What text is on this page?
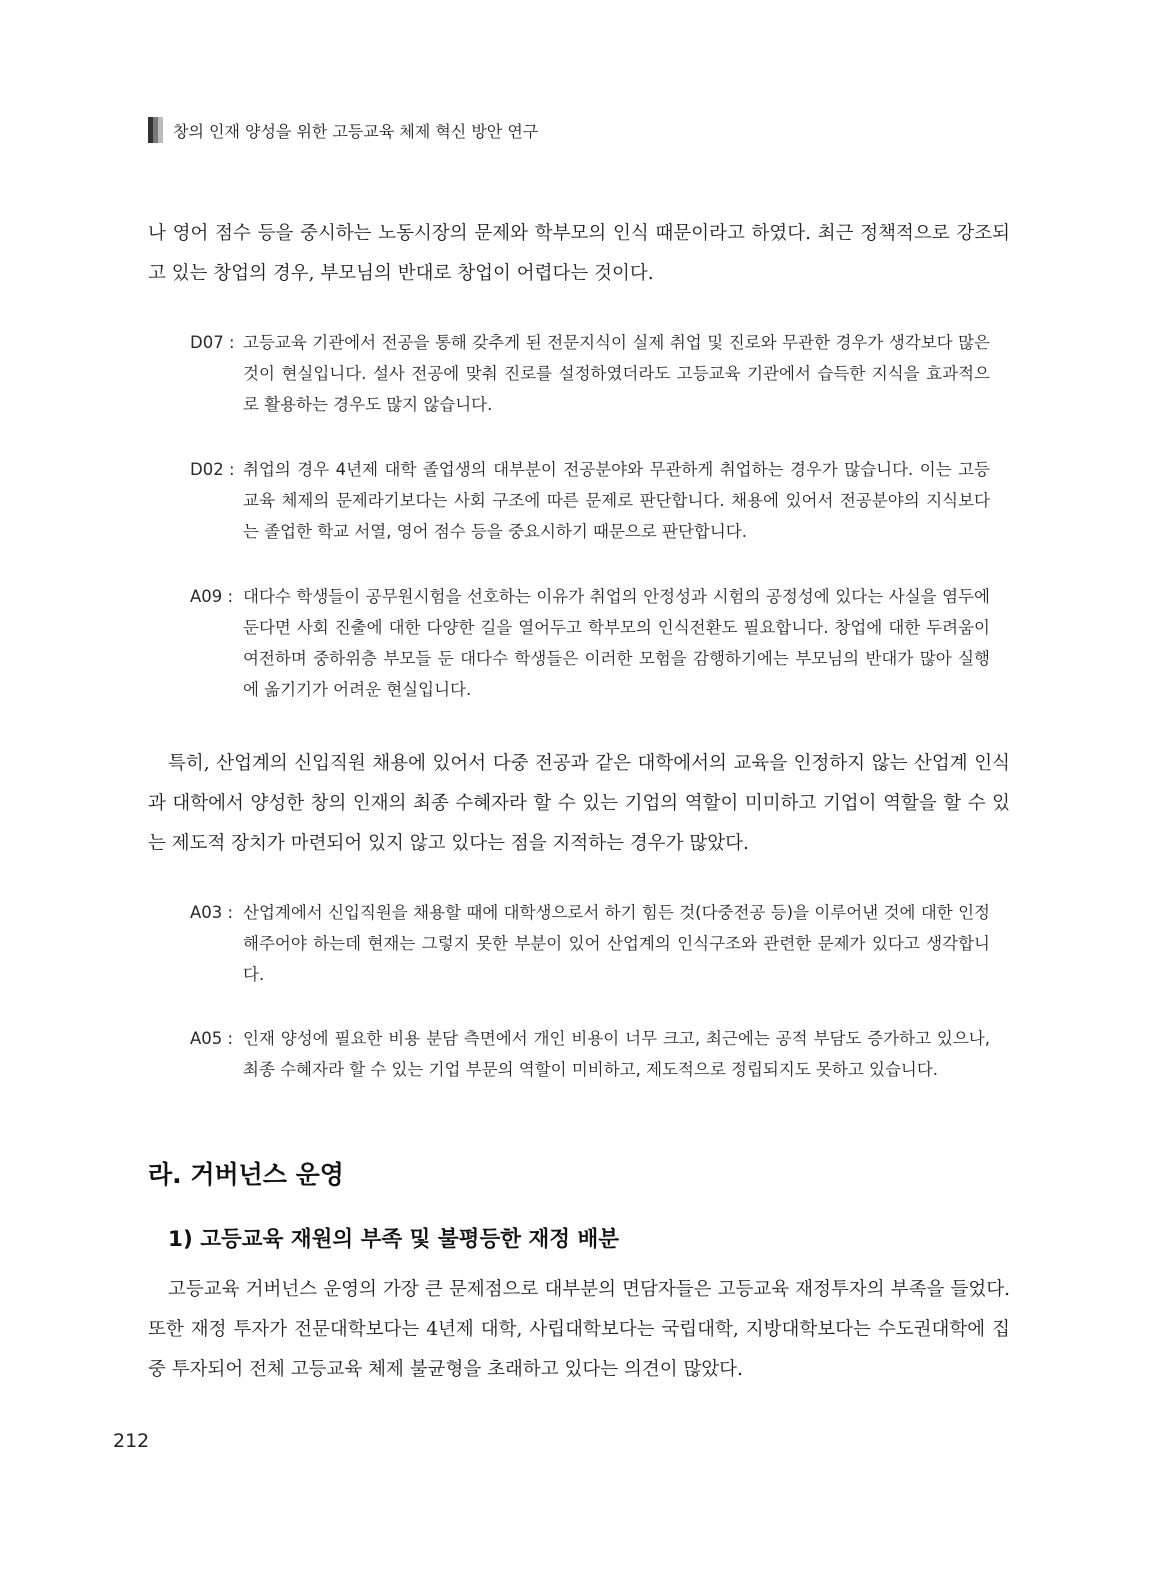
창의 인재 양성을 위한 고등교육 체제 혁신 방안 연구

나 영어 점수 등을 중시하는 노동시장의 문제와 학부모의 인식 때문이라고 하였다. 최근 정책적으로 강조되고 있는 창업의 경우, 부모님의 반대로 창업이 어렵다는 것이다.

D07 : 고등교육 기관에서 전공을 통해 갖추게 된 전문지식이 실제 취업 및 진로와 무관한 경우가 생각보다 많은 것이 현실입니다. 설사 전공에 맞춰 진로를 설정하였더라도 고등교육 기관에서 습득한 지식을 효과적으로 활용하는 경우도 많지 않습니다.
D02 : 취업의 경우 4년제 대학 졸업생의 대부분이 전공분야와 무관하게 취업하는 경우가 많습니다. 이는 고등교육 체제의 문제라기보다는 사회 구조에 따른 문제로 판단합니다. 채용에 있어서 전공분야의 지식보다는 졸업한 학교 서열, 영어 점수 등을 중요시하기 때문으로 판단합니다.
A09 : 대다수 학생들이 공무원시험을 선호하는 이유가 취업의 안정성과 시험의 공정성에 있다는 사실을 염두에 둔다면 사회 진출에 대한 다양한 길을 열어두고 학부모의 인식전환도 필요합니다. 창업에 대한 두려움이 여전하며 중하위층 부모들 둔 대다수 학생들은 이러한 모험을 감행하기에는 부모님의 반대가 많아 실행에 옮기기가 어려운 현실입니다.

특히, 산업계의 신입직원 채용에 있어서 다중 전공과 같은 대학에서의 교육을 인정하지 않는 산업계 인식과 대학에서 양성한 창의 인재의 최종 수혜자라 할 수 있는 기업의 역할이 미미하고 기업이 역할을 할 수 있는 제도적 장치가 마련되어 있지 않고 있다는 점을 지적하는 경우가 많았다.

A03 : 산업계에서 신입직원을 채용할 때에 대학생으로서 하기 힘든 것(다중전공 등)을 이루어낸 것에 대한 인정해주어야 하는데 현재는 그렇지 못한 부분이 있어 산업계의 인식구조와 관련한 문제가 있다고 생각합니다.
A05 : 인재 양성에 필요한 비용 분담 측면에서 개인 비용이 너무 크고, 최근에는 공적 부담도 증가하고 있으나, 최종 수혜자라 할 수 있는 기업 부문의 역할이 미비하고, 제도적으로 정립되지도 못하고 있습니다.
라. 거버넌스 운영
1) 고등교육 재원의 부족 및 불평등한 재정 배분

고등교육 거버넌스 운영의 가장 큰 문제점으로 대부분의 면담자들은 고등교육 재정투자의 부족을 들었다. 또한 재정 투자가 전문대학보다는 4년제 대학, 사립대학보다는 국립대학, 지방대학보다는 수도권대학에 집중 투자되어 전체 고등교육 체제 불균형을 초래하고 있다는 의견이 많았다.

212
